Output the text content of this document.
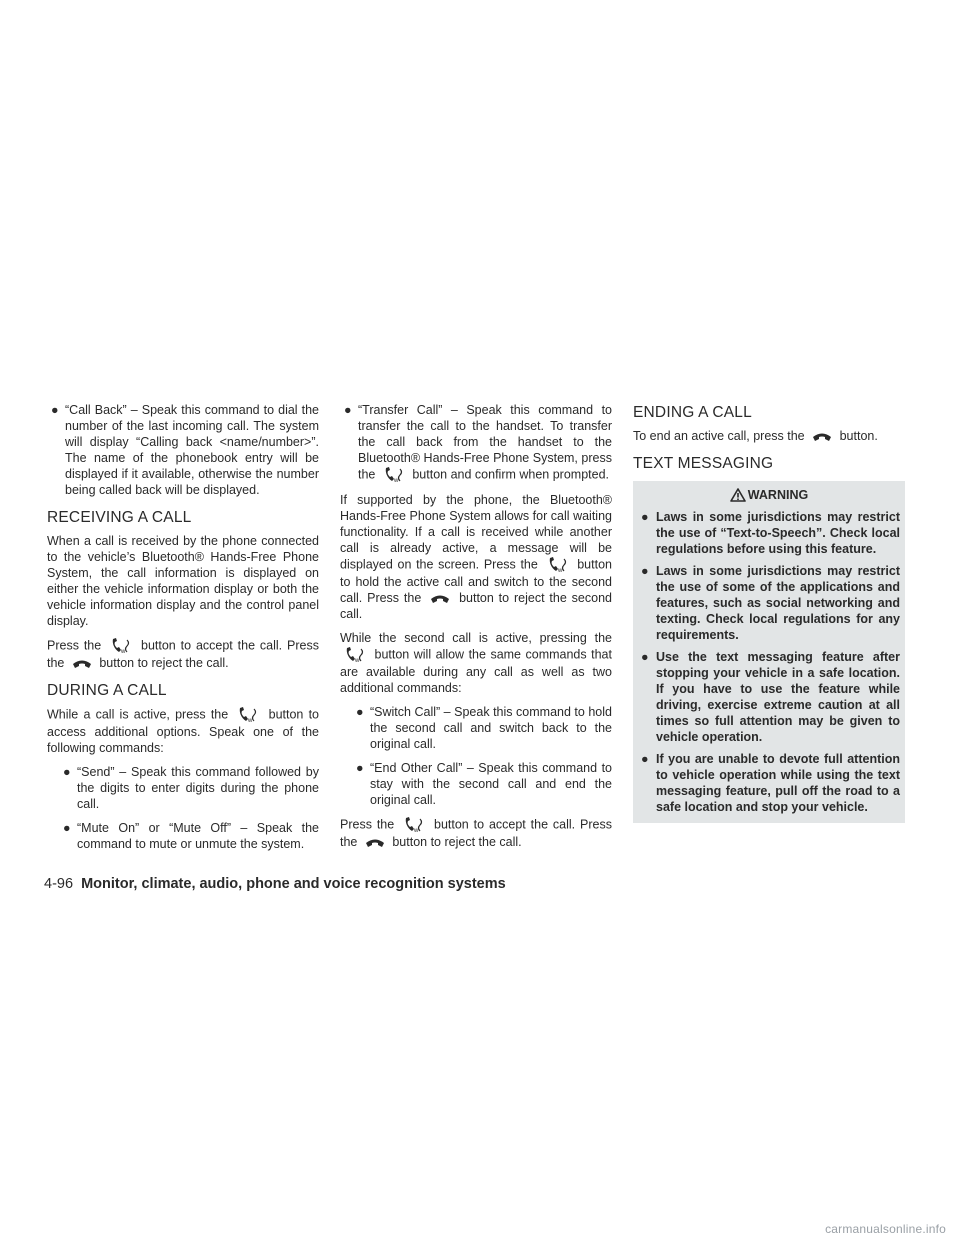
● “Call Back” – Speak this command to dial the number of the last incoming call. The system will display “Calling back <name/number>”. The name of the phonebook entry will be displayed if it available, otherwise the number being called back will be displayed.
RECEIVING A CALL

When a call is received by the phone connected to the vehicle’s Bluetooth® Hands-Free Phone System, the call information is displayed on either the vehicle information display or both the vehicle information display and the control panel display.

Press the	w button to accept the call. Press the	button to reject the call.

DURING A CALL

While a call is active, press the	w button to access additional options. Speak one of the following commands:

● “Send” – Speak this command followed by the digits to enter digits during the phone call.
● “Mute On” or “Mute Off” – Speak the command to mute or unmute the system.
● “Transfer Call” – Speak this command to transfer the call to the handset. To transfer the call back from the handset to the Bluetooth® Hands-Free Phone System, press the	w button and confirm when prompted.

If supported by the phone, the Bluetooth® Hands-Free Phone System allows for call waiting functionality. If a call is received while another call is already active, a message will be displayed on the screen. Press the	w button to hold the active call and switch to the second call. Press the	button to reject the second call.

While the second call is active, pressing the
w button will allow the same commands that are available during any call as well as two additional commands:

● “Switch Call” – Speak this command to hold the second call and switch back to the original call.
● “End Other Call” – Speak this command to stay with the second call and end the original call.

Press the	w button to accept the call. Press the	button to reject the call.

ENDING A CALL

To end an active call, press the	button.

TEXT MESSAGING
WARNING
● Laws in some jurisdictions may restrict the use of “Text-to-Speech”. Check local regulations before using this feature.
● Laws in some jurisdictions may restrict the use of some of the applications and features, such as social networking and texting. Check local regulations for any requirements.
● Use the text messaging feature after stopping your vehicle in a safe location. If you have to use the feature while driving, exercise extreme caution at all times so full attention may be given to vehicle operation.
● If you are unable to devote full attention to vehicle operation while using the text messaging feature, pull off the road to a safe location and stop your vehicle.
4-96 Monitor, climate, audio, phone and voice recognition systems
carmanualsonline.info
